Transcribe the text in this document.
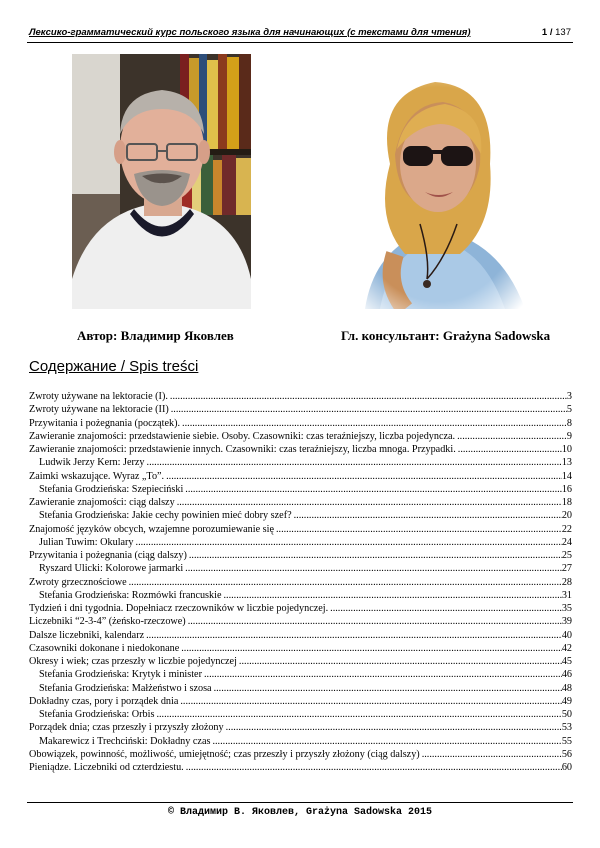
Лексико-грамматический курс польского языка для начинающих (с текстами для чтения)	1 / 137
Автор: Владимир Яковлев	Гл. консультант: Grażyna Sadowska
Содержание / Spis treści
Zwroty używane na lektoracie (I). .....	3
Zwroty używane na lektoracie (II) .....	5
Przywitania i pożegnania (początek). .....	8
Zawieranie znajomości: przedstawienie siebie. Osoby. Czasowniki: czas teraźniejszy, liczba pojedyncza. .....	9
Zawieranie znajomości: przedstawienie innych. Czasowniki: czas teraźniejszy, liczba mnoga. Przypadki. .....	10
Ludwik Jerzy Kern: Jerzy .....	13
Zaimki wskazujące. Wyraz „To”. .....	14
Stefania Grodzieńska: Szepieciński .....	16
Zawieranie znajomości: ciąg dalszy .....	18
Stefania Grodzieńska: Jakie cechy powinien mieć dobry szef? .....	20
Znajomość języków obcych, wzajemne porozumiewanie się .....	22
Julian Tuwim: Okulary .....	24
Przywitania i pożegnania (ciąg dalszy) .....	25
Ryszard Ulicki: Kolorowe jarmarki .....	27
Zwroty grzecznościowe .....	28
Stefania Grodzieńska: Rozmówki francuskie .....	31
Tydzień i dni tygodnia. Dopełniacz rzeczowników w liczbie pojedynczej. .....	35
Liczebniki “2-3-4” (żeńsko-rzeczowe) .....	39
Dalsze liczebniki, kalendarz .....	40
Czasowniki dokonane i niedokonane .....	42
Okresy i wiek; czas przeszły w liczbie pojedynczej .....	45
Stefania Grodzieńska: Krytyk i minister .....	46
Stefania Grodzieńska: Małżeństwo i szosa .....	48
Dokładny czas, pory i porządek dnia .....	49
Stefania Grodzieńska: Orbis .....	50
Porządek dnia; czas przeszły i przyszły złożony .....	53
Makarewicz i Trechciński: Dokładny czas .....	55
Obowiązek, powinność, możliwość, umiejętność; czas przeszły i przyszły złożony (ciąg dalszy) .....	56
Pieniądze. Liczebniki od czterdziestu. .....	60
© Владимир В. Яковлев, Grażyna Sadowska 2015
